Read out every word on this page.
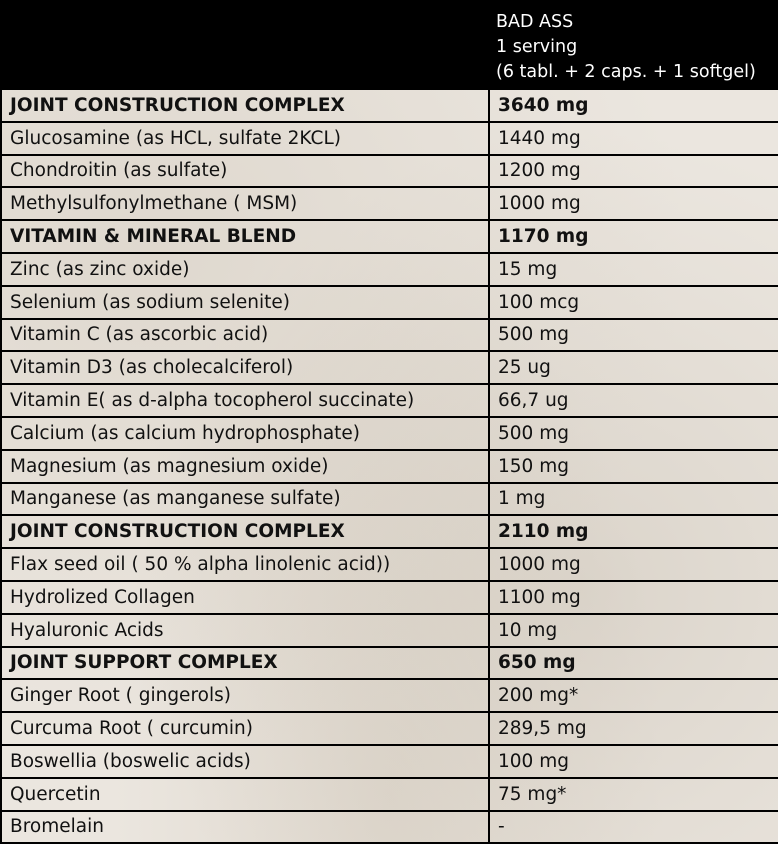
	BAD ASS
1 serving
(6 tabl. + 2 caps. + 1 softgel)

JOINT CONSTRUCTION COMPLEX	3640 mg
Glucosamine (as HCL, sulfate 2KCL)	1440 mg
Chondroitin (as sulfate)	1200 mg
Methylsulfonylmethane ( MSM)	1000 mg
VITAMIN & MINERAL BLEND	1170 mg
Zinc (as zinc oxide)	15 mg
Selenium (as sodium selenite)	100 mcg
Vitamin C (as ascorbic acid)	500 mg
Vitamin D3 (as cholecalciferol)	25 ug
Vitamin E( as d-alpha tocopherol succinate)	66,7 ug
Calcium (as calcium hydrophosphate)	500 mg
Magnesium (as magnesium oxide)	150 mg
Manganese (as manganese sulfate)	1 mg
JOINT CONSTRUCTION COMPLEX	2110 mg
Flax seed oil ( 50 % alpha linolenic acid))	1000 mg
Hydrolized Collagen	1100 mg
Hyaluronic Acids	10 mg
JOINT SUPPORT COMPLEX	650 mg
Ginger Root ( gingerols)	200 mg*
Curcuma Root ( curcumin)	289,5 mg
Boswellia (boswelic acids)	100 mg
Quercetin	75 mg*
Bromelain	-
